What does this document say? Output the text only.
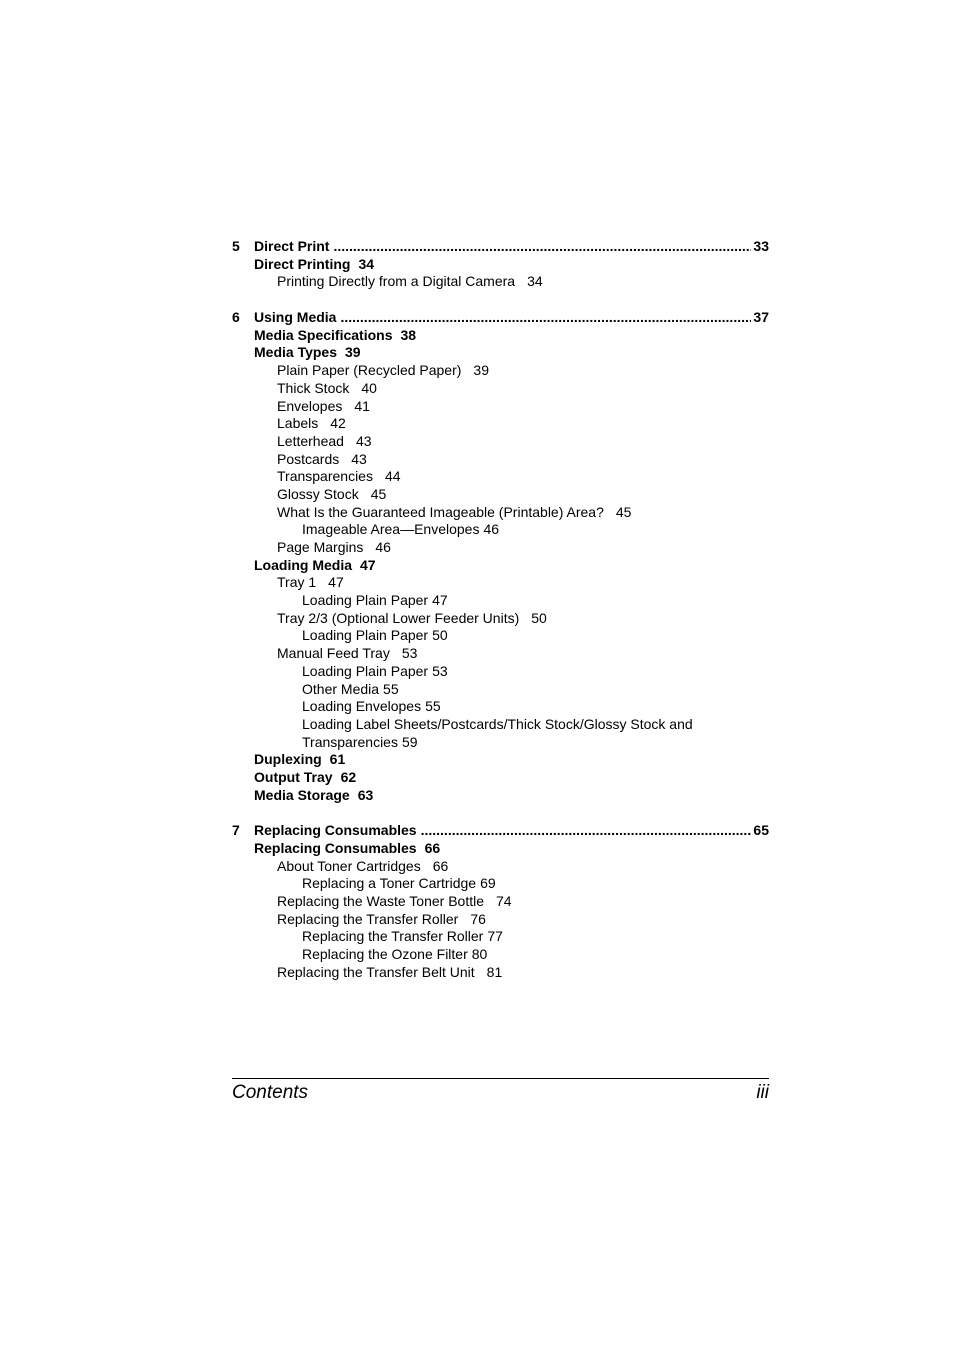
5	Direct Print .....	33
Direct Printing 34
Printing Directly from a Digital Camera 34
6	Using Media .....	37
Media Specifications 38
Media Types 39
Plain Paper (Recycled Paper) 39
Thick Stock 40
Envelopes 41
Labels 42
Letterhead 43
Postcards 43
Transparencies 44
Glossy Stock 45
What Is the Guaranteed Imageable (Printable) Area? 45
Imageable Area—Envelopes 46
Page Margins 46
Loading Media 47
Tray 1 47
Loading Plain Paper 47
Tray 2/3 (Optional Lower Feeder Units) 50
Loading Plain Paper 50
Manual Feed Tray 53
Loading Plain Paper 53
Other Media 55
Loading Envelopes 55
Loading Label Sheets/Postcards/Thick Stock/Glossy Stock and
Transparencies 59
Duplexing 61
Output Tray 62
Media Storage 63
7	Replacing Consumables .....	65
Replacing Consumables 66
About Toner Cartridges 66
Replacing a Toner Cartridge 69
Replacing the Waste Toner Bottle 74
Replacing the Transfer Roller 76
Replacing the Transfer Roller 77
Replacing the Ozone Filter 80
Replacing the Transfer Belt Unit 81
Contents	iii
